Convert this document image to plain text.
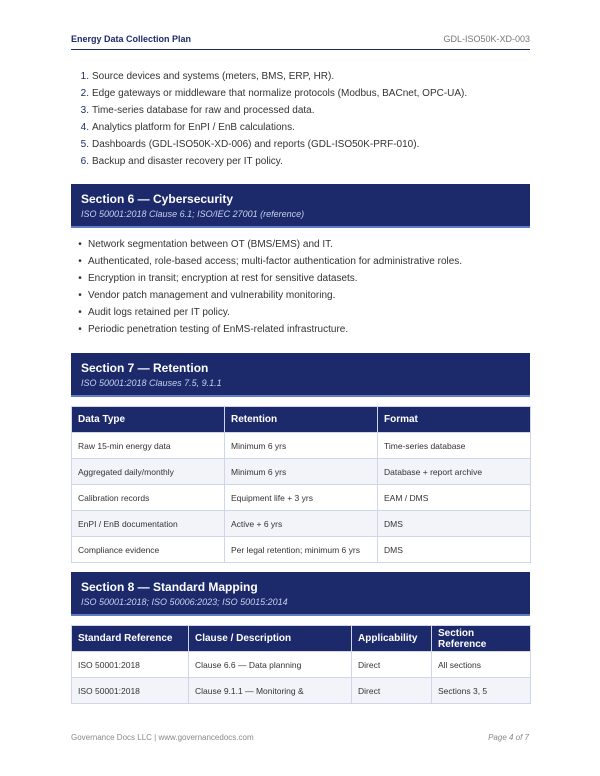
Energy Data Collection Plan	GDL-ISO50K-XD-003
1. Source devices and systems (meters, BMS, ERP, HR).
2. Edge gateways or middleware that normalize protocols (Modbus, BACnet, OPC-UA).
3. Time-series database for raw and processed data.
4. Analytics platform for EnPI / EnB calculations.
5. Dashboards (GDL-ISO50K-XD-006) and reports (GDL-ISO50K-PRF-010).
6. Backup and disaster recovery per IT policy.
Section 6 — Cybersecurity
ISO 50001:2018 Clause 6.1; ISO/IEC 27001 (reference)
• Network segmentation between OT (BMS/EMS) and IT.
• Authenticated, role-based access; multi-factor authentication for administrative roles.
• Encryption in transit; encryption at rest for sensitive datasets.
• Vendor patch management and vulnerability monitoring.
• Audit logs retained per IT policy.
• Periodic penetration testing of EnMS-related infrastructure.
Section 7 — Retention
ISO 50001:2018 Clauses 7.5, 9.1.1
Data Type	Retention	Format
Raw 15-min energy data	Minimum 6 yrs	Time-series database
Aggregated daily/monthly	Minimum 6 yrs	Database + report archive
Calibration records	Equipment life + 3 yrs	EAM / DMS
EnPI / EnB documentation	Active + 6 yrs	DMS
Compliance evidence	Per legal retention; minimum 6 yrs	DMS
Section 8 — Standard Mapping
ISO 50001:2018; ISO 50006:2023; ISO 50015:2014
Standard Reference	Clause / Description	Applicability	Section Reference
ISO 50001:2018	Clause 6.6 — Data planning	Direct	All sections
ISO 50001:2018	Clause 9.1.1 — Monitoring &	Direct	Sections 3, 5
Governance Docs LLC | www.governancedocs.com	Page 4 of 7
